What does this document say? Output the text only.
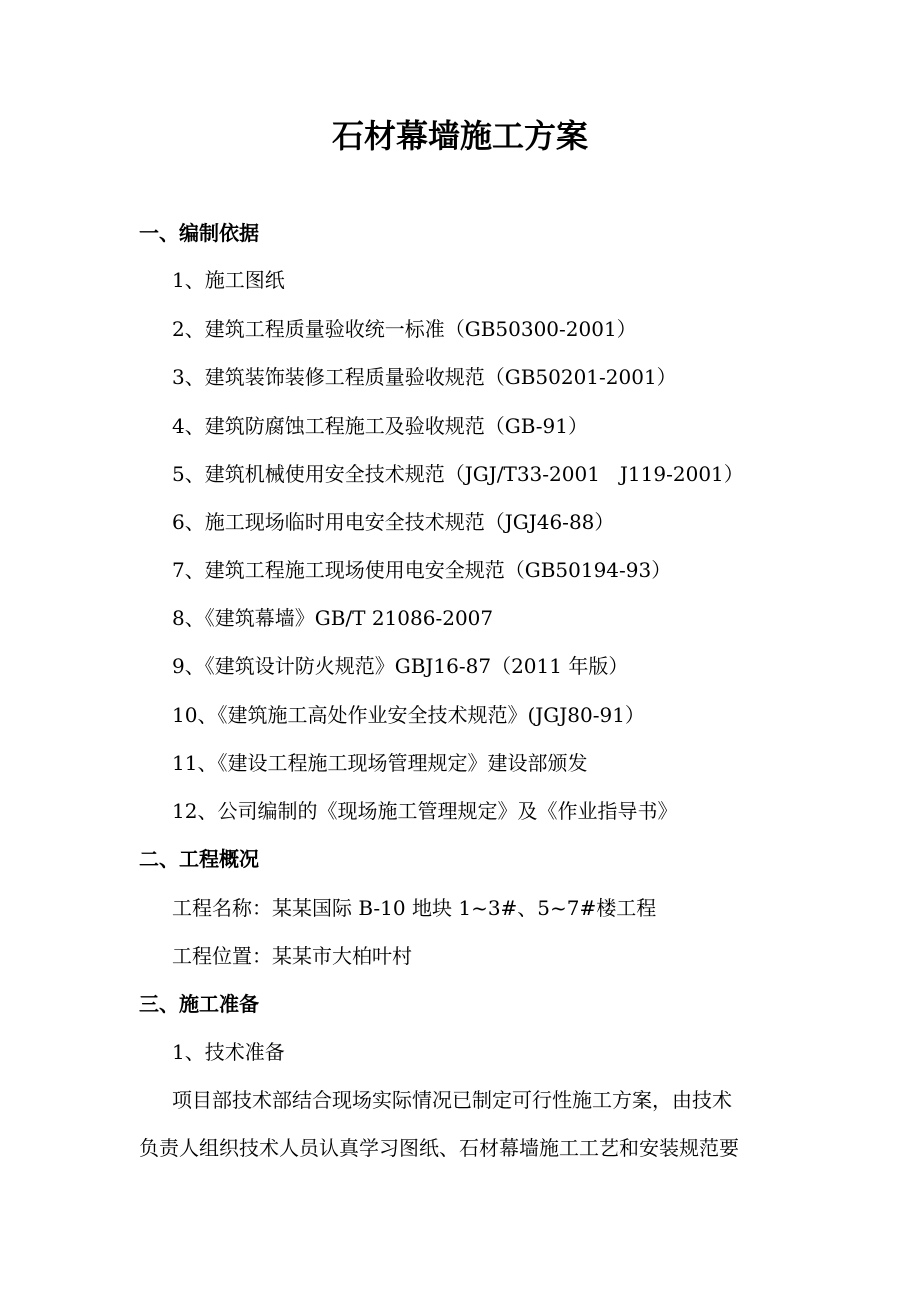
石材幕墙施工方案
一、编制依据
1、施工图纸
2、建筑工程质量验收统一标准（GB50300-2001）
3、建筑装饰装修工程质量验收规范（GB50201-2001）
4、建筑防腐蚀工程施工及验收规范（GB-91）
5、建筑机械使用安全技术规范（JGJ/T33-2001　J119-2001）
6、施工现场临时用电安全技术规范（JGJ46-88）
7、建筑工程施工现场使用电安全规范（GB50194-93）
8、《建筑幕墙》GB/T 21086-2007
9、《建筑设计防火规范》GBJ16-87（2011 年版）
10、《建筑施工高处作业安全技术规范》(JGJ80-91）
11、《建设工程施工现场管理规定》建设部颁发
12、公司编制的《现场施工管理规定》及《作业指导书》
二、工程概况
工程名称：某某国际 B-10 地块 1~3#、5~7#楼工程
工程位置：某某市大柏叶村
三、施工准备
1、技术准备
项目部技术部结合现场实际情况已制定可行性施工方案，由技术
负责人组织技术人员认真学习图纸、石材幕墙施工工艺和安装规范要
